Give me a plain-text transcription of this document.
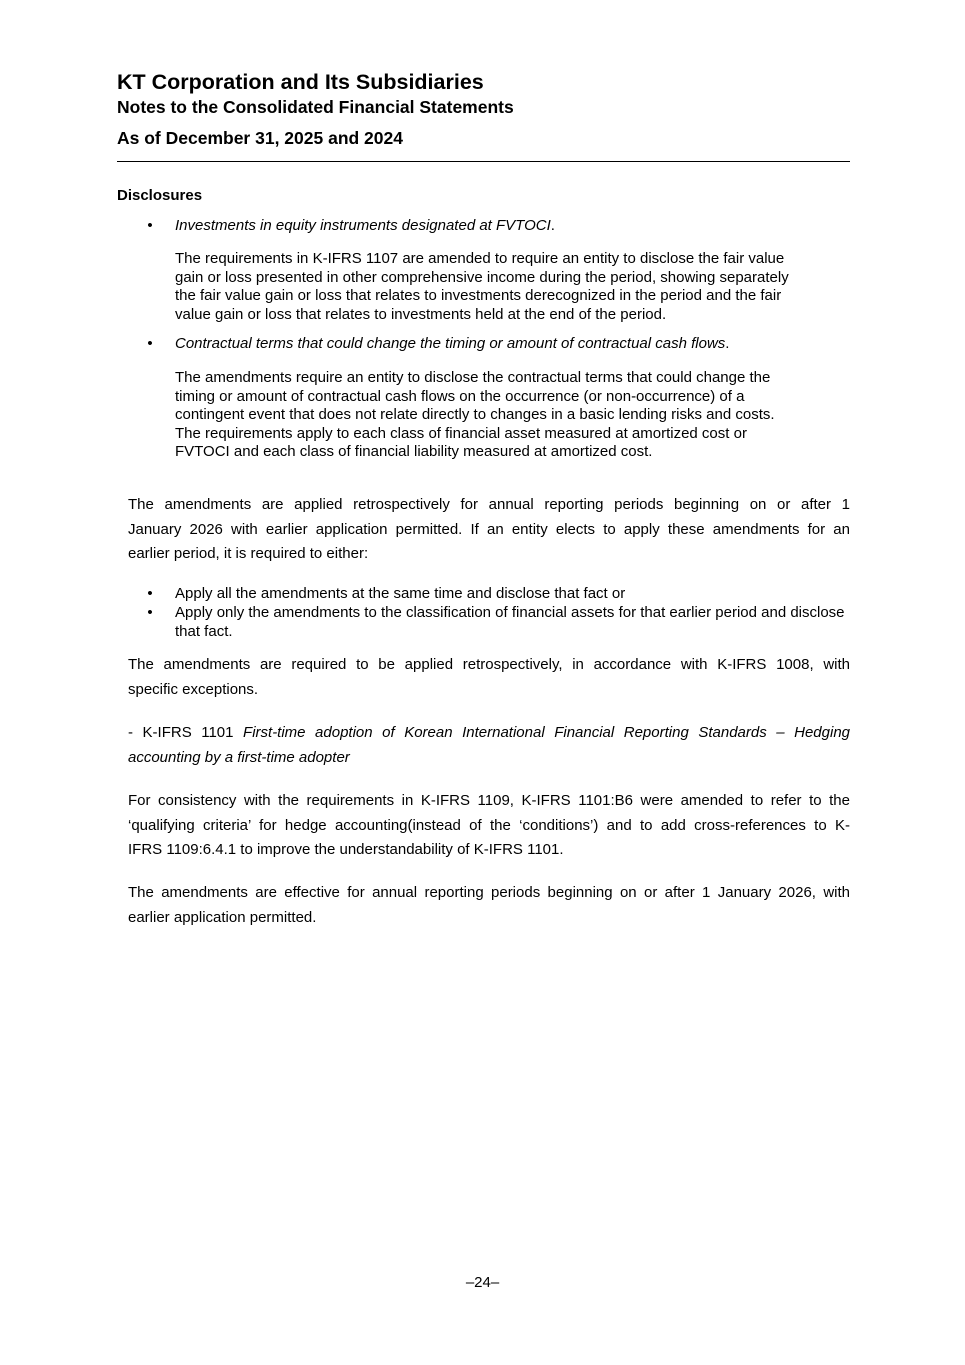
KT Corporation and Its Subsidiaries
Notes to the Consolidated Financial Statements
As of December 31, 2025 and 2024
Disclosures
• Investments in equity instruments designated at FVTOCI.
The requirements in K-IFRS 1107 are amended to require an entity to disclose the fair value
gain or loss presented in other comprehensive income during the period, showing separately
the fair value gain or loss that relates to investments derecognized in the period and the fair
value gain or loss that relates to investments held at the end of the period.
• Contractual terms that could change the timing or amount of contractual cash flows.
The amendments require an entity to disclose the contractual terms that could change the
timing or amount of contractual cash flows on the occurrence (or non-occurrence) of a
contingent event that does not relate directly to changes in a basic lending risks and costs.
The requirements apply to each class of financial asset measured at amortized cost or
FVTOCI and each class of financial liability measured at amortized cost.
The amendments are applied retrospectively for annual reporting periods beginning on or after 1
January 2026 with earlier application permitted. If an entity elects to apply these amendments for an
earlier period, it is required to either:
• Apply all the amendments at the same time and disclose that fact or
• Apply only the amendments to the classification of financial assets for that earlier period and disclose that fact.
The amendments are required to be applied retrospectively, in accordance with K-IFRS 1008, with
specific exceptions.
- K-IFRS 1101 First-time adoption of Korean International Financial Reporting Standards – Hedging
accounting by a first-time adopter
For consistency with the requirements in K-IFRS 1109, K-IFRS 1101:B6 were amended to refer to the
‘qualifying criteria’ for hedge accounting(instead of the ‘conditions’) and to add cross-references to K-
IFRS 1109:6.4.1 to improve the understandability of K-IFRS 1101.
The amendments are effective for annual reporting periods beginning on or after 1 January 2026, with
earlier application permitted.
–24–
